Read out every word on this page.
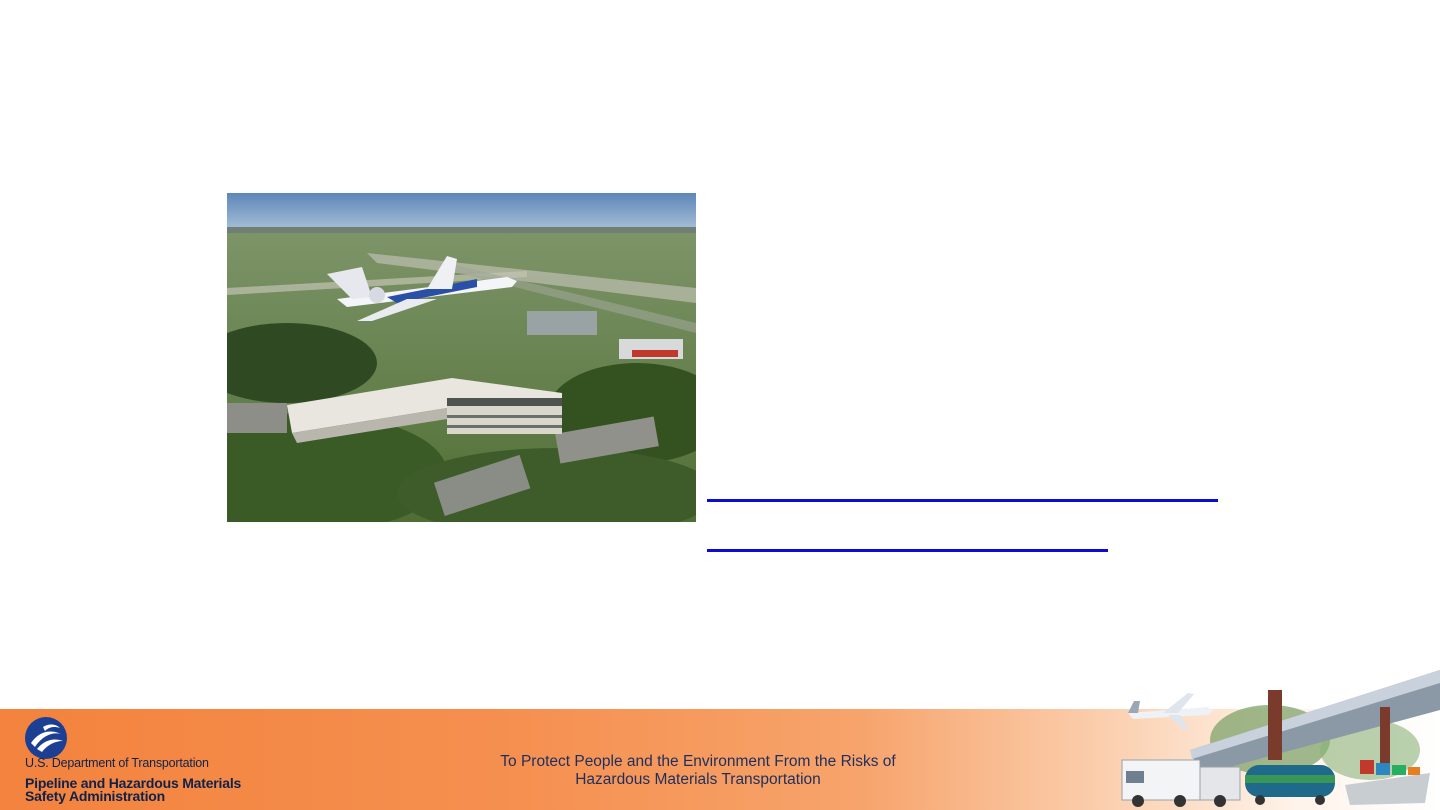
U.S. Department of Transportation
Pipeline and Hazardous Materials
Safety Administration
To Protect People and the Environment From the Risks of
Hazardous Materials Transportation
